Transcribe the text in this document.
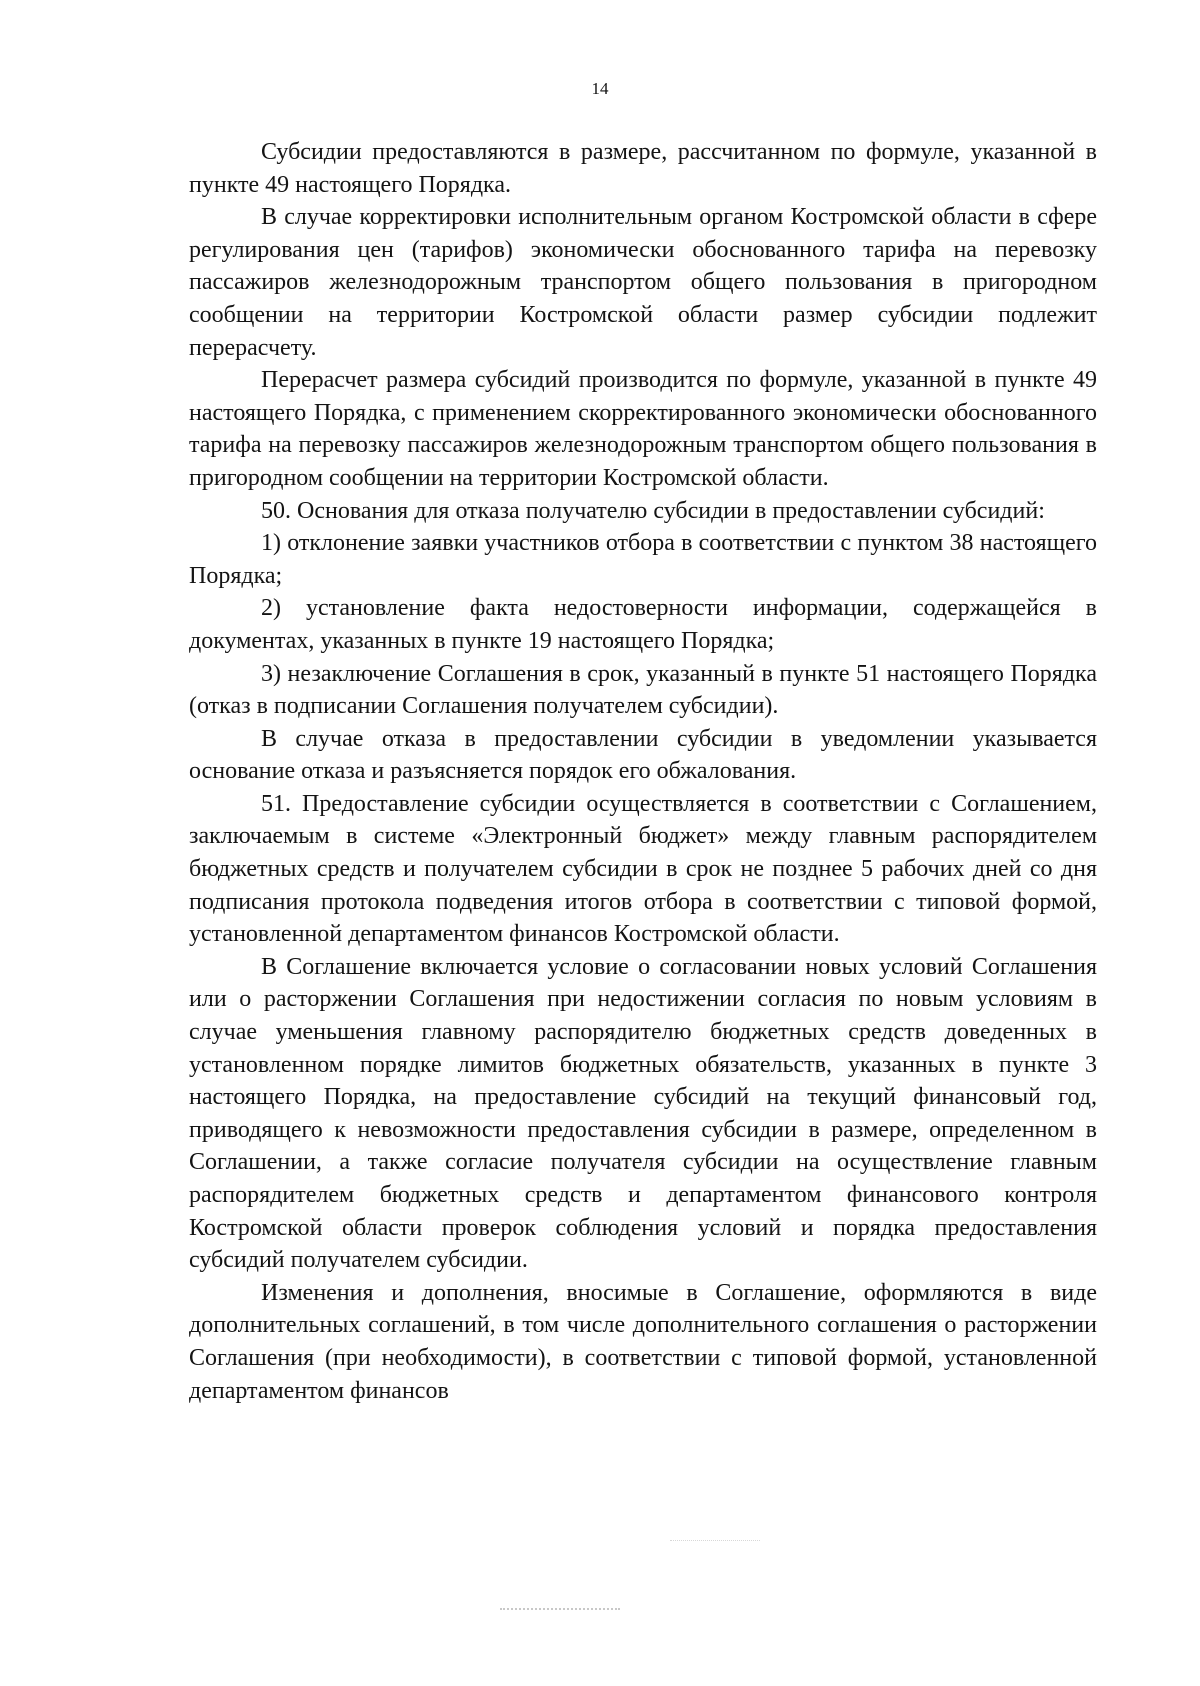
14

Субсидии предоставляются в размере, рассчитанном по формуле, указанной в пункте 49 настоящего Порядка.

В случае корректировки исполнительным органом Костромской области в сфере регулирования цен (тарифов) экономически обоснованного тарифа на перевозку пассажиров железнодорожным транспортом общего пользования в пригородном сообщении на территории Костромской области размер субсидии подлежит перерасчету.

Перерасчет размера субсидий производится по формуле, указанной в пункте 49 настоящего Порядка, с применением скорректированного экономически обоснованного тарифа на перевозку пассажиров железнодорожным транспортом общего пользования в пригородном сообщении на территории Костромской области.

50. Основания для отказа получателю субсидии в предоставлении субсидий:

1) отклонение заявки участников отбора в соответствии с пунктом 38 настоящего Порядка;

2) установление факта недостоверности информации, содержащейся в документах, указанных в пункте 19 настоящего Порядка;

3) незаключение Соглашения в срок, указанный в пункте 51 настоящего Порядка (отказ в подписании Соглашения получателем субсидии).

В случае отказа в предоставлении субсидии в уведомлении указывается основание отказа и разъясняется порядок его обжалования.

51. Предоставление субсидии осуществляется в соответствии с Соглашением, заключаемым в системе «Электронный бюджет» между главным распорядителем бюджетных средств и получателем субсидии в срок не позднее 5 рабочих дней со дня подписания протокола подведения итогов отбора в соответствии с типовой формой, установленной департаментом финансов Костромской области.

В Соглашение включается условие о согласовании новых условий Соглашения или о расторжении Соглашения при недостижении согласия по новым условиям в случае уменьшения главному распорядителю бюджетных средств доведенных в установленном порядке лимитов бюджетных обязательств, указанных в пункте 3 настоящего Порядка, на предоставление субсидий на текущий финансовый год, приводящего к невозможности предоставления субсидии в размере, определенном в Соглашении, а также согласие получателя субсидии на осуществление главным распорядителем бюджетных средств и департаментом финансового контроля Костромской области проверок соблюдения условий и порядка предоставления субсидий получателем субсидии.

Изменения и дополнения, вносимые в Соглашение, оформляются в виде дополнительных соглашений, в том числе дополнительного соглашения о расторжении Соглашения (при необходимости), в соответствии с типовой формой, установленной департаментом финансов
